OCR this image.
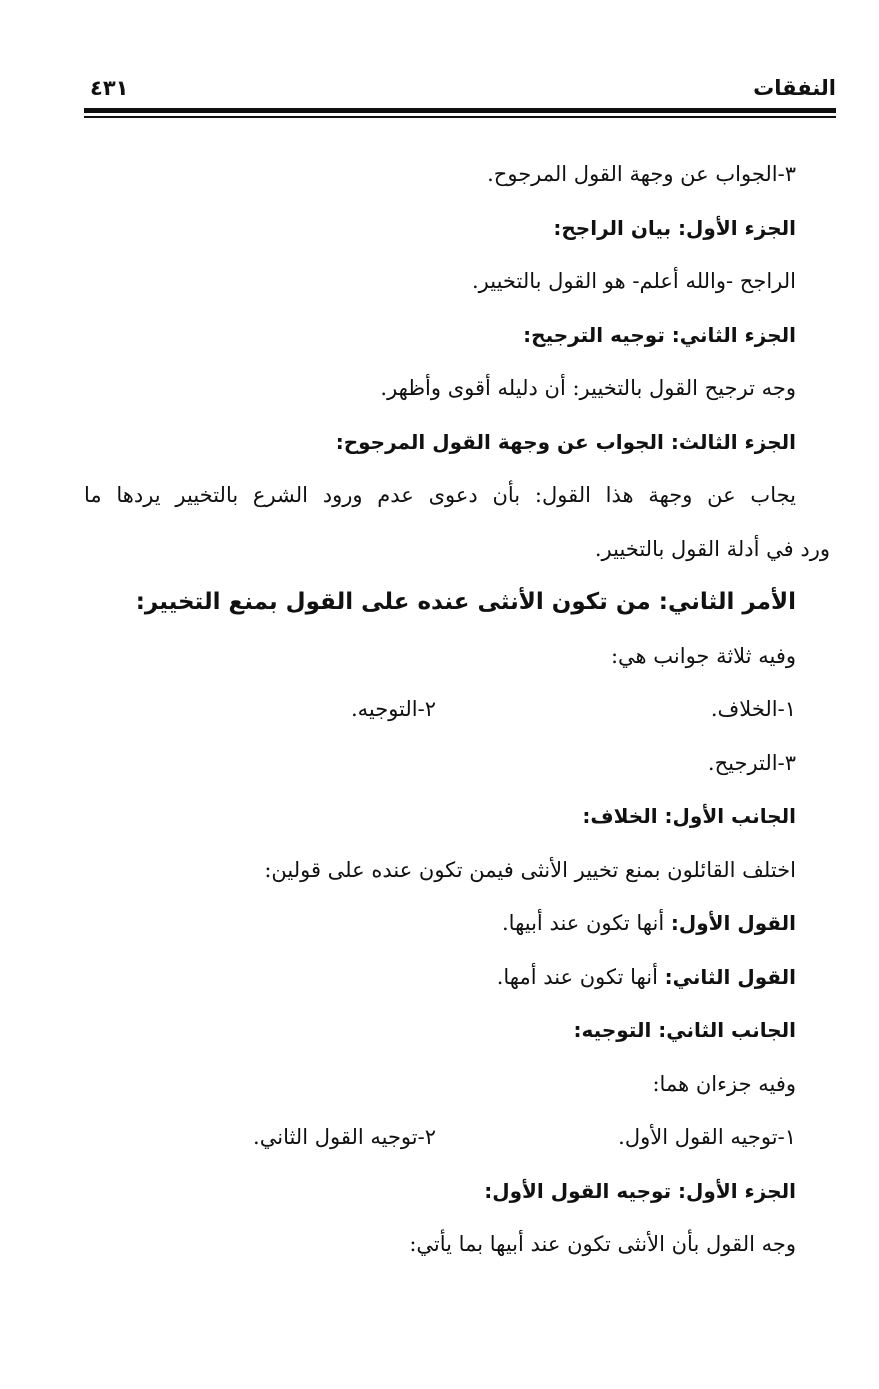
النفقات
٤٣١
٣-الجواب عن وجهة القول المرجوح.
الجزء الأول: بيان الراجح:
الراجح -والله أعلم- هو القول بالتخيير.
الجزء الثاني: توجيه الترجيح:
وجه ترجيح القول بالتخيير: أن دليله أقوى وأظهر.
الجزء الثالث: الجواب عن وجهة القول المرجوح:
يجاب عن وجهة هذا القول: بأن دعوى عدم ورود الشرع بالتخيير يردها ما
ورد في أدلة القول بالتخيير.
الأمر الثاني: من تكون الأنثى عنده على القول بمنع التخيير:
وفيه ثلاثة جوانب هي:
١-الخلاف.٢-التوجيه.
٣-الترجيح.
الجانب الأول: الخلاف:
اختلف القائلون بمنع تخيير الأنثى فيمن تكون عنده على قولين:
القول الأول: أنها تكون عند أبيها.
القول الثاني: أنها تكون عند أمها.
الجانب الثاني: التوجيه:
وفيه جزءان هما:
١-توجيه القول الأول.٢-توجيه القول الثاني.
الجزء الأول: توجيه القول الأول:
وجه القول بأن الأنثى تكون عند أبيها بما يأتي:
